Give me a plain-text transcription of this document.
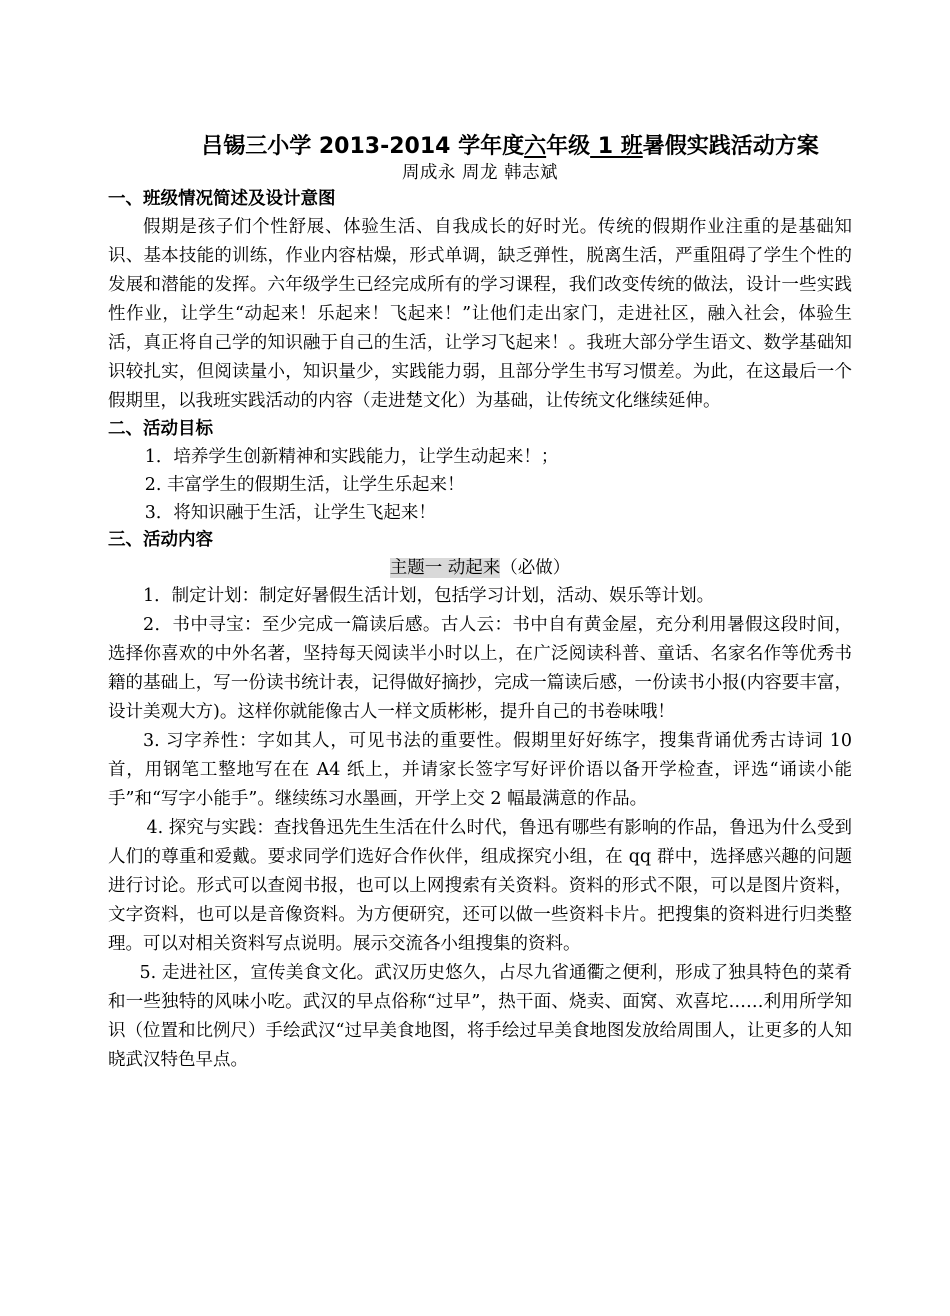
吕锡三小学 2013-2014 学年度六年级 1 班暑假实践活动方案
周成永 周龙 韩志斌
一、班级情况简述及设计意图

假期是孩子们个性舒展、体验生活、自我成长的好时光。传统的假期作业注重的是基础知识、基本技能的训练，作业内容枯燥，形式单调，缺乏弹性，脱离生活，严重阻碍了学生个性的发展和潜能的发挥。六年级学生已经完成所有的学习课程，我们改变传统的做法，设计一些实践性作业，让学生“动起来！乐起来！飞起来！”让他们走出家门，走进社区，融入社会，体验生活，真正将自己学的知识融于自己的生活，让学习飞起来！。我班大部分学生语文、数学基础知识较扎实，但阅读量小，知识量少，实践能力弱，且部分学生书写习惯差。为此，在这最后一个假期里，以我班实践活动的内容（走进楚文化）为基础，让传统文化继续延伸。

二、活动目标
1．培养学生创新精神和实践能力，让学生动起来！；
2. 丰富学生的假期生活，让学生乐起来！
3．将知识融于生活，让学生飞起来！
三、活动内容
主题一 动起来（必做）

1．制定计划：制定好暑假生活计划，包括学习计划，活动、娱乐等计划。

2．书中寻宝：至少完成一篇读后感。古人云：书中自有黄金屋，充分利用暑假这段时间，选择你喜欢的中外名著，坚持每天阅读半小时以上，在广泛阅读科普、童话、名家名作等优秀书籍的基础上，写一份读书统计表，记得做好摘抄，完成一篇读后感，一份读书小报(内容要丰富，设计美观大方)。这样你就能像古人一样文质彬彬，提升自己的书卷味哦！

3. 习字养性：字如其人，可见书法的重要性。假期里好好练字，搜集背诵优秀古诗词 10 首，用钢笔工整地写在在 A4 纸上，并请家长签字写好评价语以备开学检查，评选“诵读小能手”和“写字小能手”。继续练习水墨画，开学上交 2 幅最满意的作品。

4. 探究与实践：查找鲁迅先生生活在什么时代，鲁迅有哪些有影响的作品，鲁迅为什么受到人们的尊重和爱戴。要求同学们选好合作伙伴，组成探究小组，在 qq 群中，选择感兴趣的问题进行讨论。形式可以查阅书报，也可以上网搜索有关资料。资料的形式不限，可以是图片资料，文字资料，也可以是音像资料。为方便研究，还可以做一些资料卡片。把搜集的资料进行归类整理。可以对相关资料写点说明。展示交流各小组搜集的资料。

5. 走进社区，宣传美食文化。武汉历史悠久，占尽九省通衢之便利，形成了独具特色的菜肴和一些独特的风味小吃。武汉的早点俗称“过早”，热干面、烧卖、面窝、欢喜坨……利用所学知识（位置和比例尺）手绘武汉“过早美食地图，将手绘过早美食地图发放给周围人，让更多的人知晓武汉特色早点。
